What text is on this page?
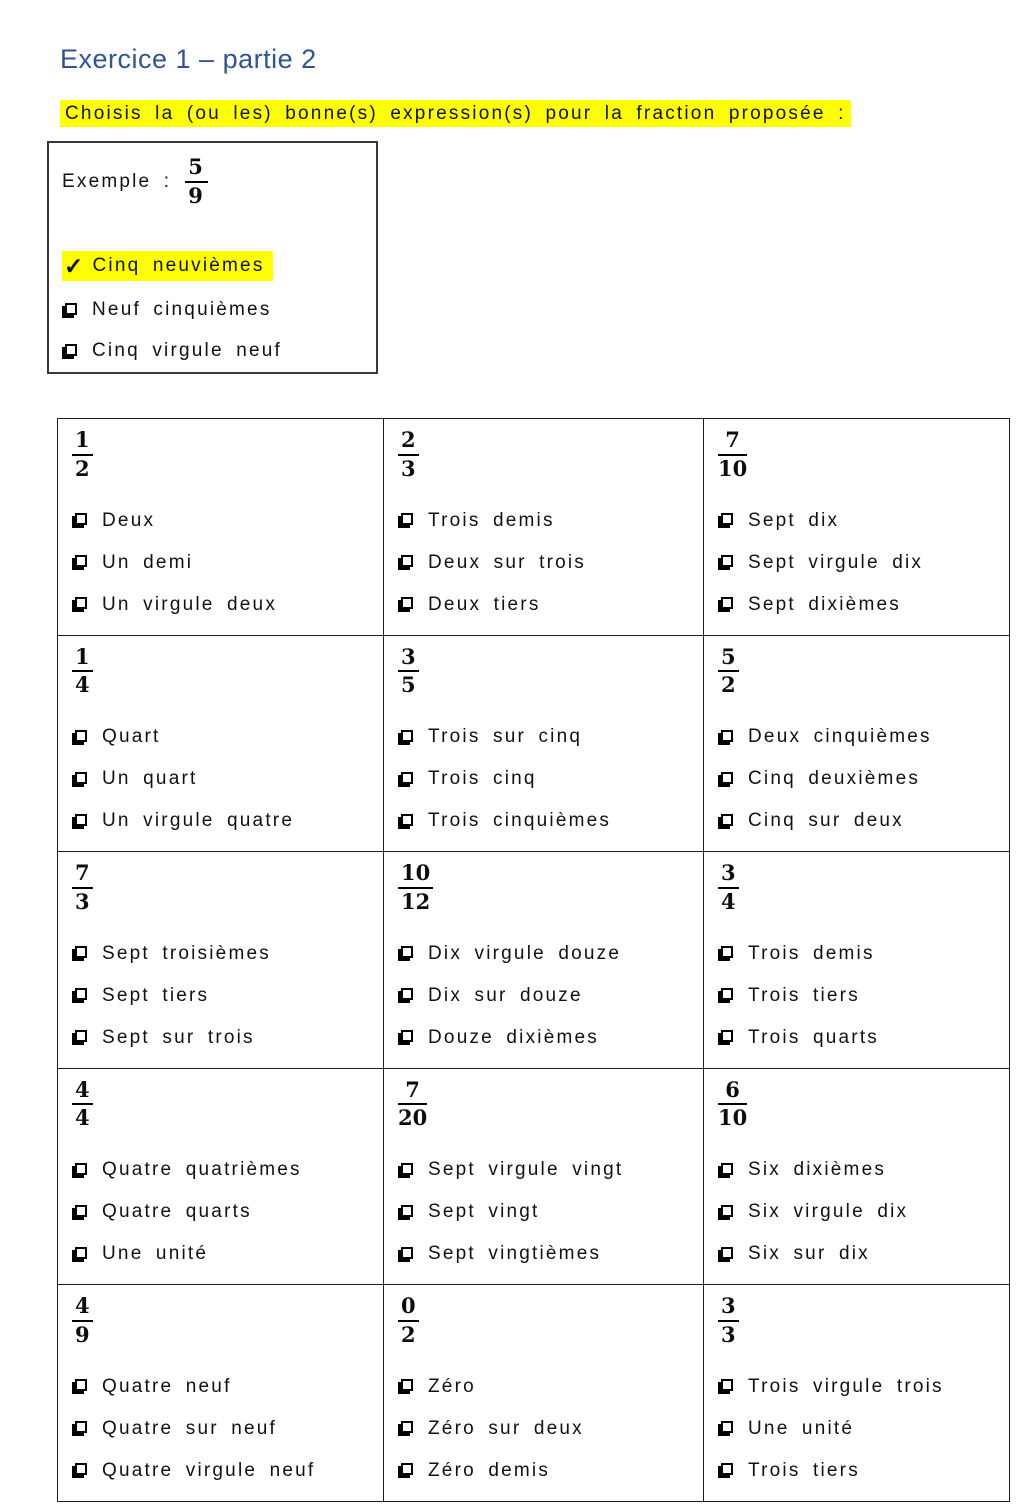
Exercice 1 – partie 2
Choisis la (ou les) bonne(s) expression(s) pour la fraction proposée :
Exemple : $\frac{5}{9}$
✓ Cinq neuvièmes
Neuf cinquièmes
Cinq virgule neuf
$\frac{1}{2}$
Deux
Un demi
Un virgule deux

$\frac{2}{3}$
Trois demis
Deux sur trois
Deux tiers

$\frac{7}{10}$
Sept dix
Sept virgule dix
Sept dixièmes

$\frac{1}{4}$
Quart
Un quart
Un virgule quatre

$\frac{3}{5}$
Trois sur cinq
Trois cinq
Trois cinquièmes

$\frac{5}{2}$
Deux cinquièmes
Cinq deuxièmes
Cinq sur deux

$\frac{7}{3}$
Sept troisièmes
Sept tiers
Sept sur trois

$\frac{10}{12}$
Dix virgule douze
Dix sur douze
Douze dixièmes

$\frac{3}{4}$
Trois demis
Trois tiers
Trois quarts

$\frac{4}{4}$
Quatre quatrièmes
Quatre quarts
Une unité

$\frac{7}{20}$
Sept virgule vingt
Sept vingt
Sept vingtièmes

$\frac{6}{10}$
Six dixièmes
Six virgule dix
Six sur dix

$\frac{4}{9}$
Quatre neuf
Quatre sur neuf
Quatre virgule neuf

$\frac{0}{2}$
Zéro
Zéro sur deux
Zéro demis

$\frac{3}{3}$
Trois virgule trois
Une unité
Trois tiers
